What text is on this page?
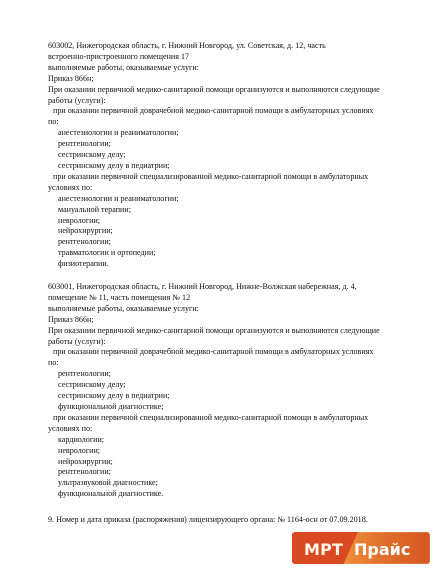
603002, Нижегородская область, г. Нижний Новгород, ул. Советская, д. 12, часть
встроенно-пристроенного помещения 17
выполняемые работы, оказываемые услуги:
Приказ 866н;
При оказании первичной медико-санитарной помощи организуются и выполняются следующие
работы (услуги):
при оказании первичной доврачебной медико-санитарной помощи в амбулаторных условиях
по:
анестезиологии и реаниматологии;
рентгенологии;
сестринскому делу;
сестринскому делу в педиатрии;
при оказании первичной специализированной медико-санитарной помощи в амбулаторных
условиях по:
анестезиологии и реаниматологии;
мануальной терапии;
неврологии;
нейрохирургии;
рентгенологии;
травматологии и ортопедии;
физиотерапии.
603001, Нижегородская область, г. Нижний Новгород, Нижне-Волжская набережная, д. 4,
помещение № 11, часть помещения № 12
выполняемые работы, оказываемые услуги:
Приказ 866н;
При оказании первичной медико-санитарной помощи организуются и выполняются следующие
работы (услуги):
при оказании первичной доврачебной медико-санитарной помощи в амбулаторных условиях
по:
рентгенологии;
сестринскому делу;
сестринскому делу в педиатрии;
функциональной диагностике;
при оказании первичной специализированной медико-санитарной помощи в амбулаторных
условиях по:
кардиологии;
неврологии;
нейрохирургии;
рентгенологии;
ультразвуковой диагностике;
функциональной диагностике.
9. Номер и дата приказа (распоряжения) лицензирующего органа: № 1164-осн от 07.09.2018.
МРТ Прайс
